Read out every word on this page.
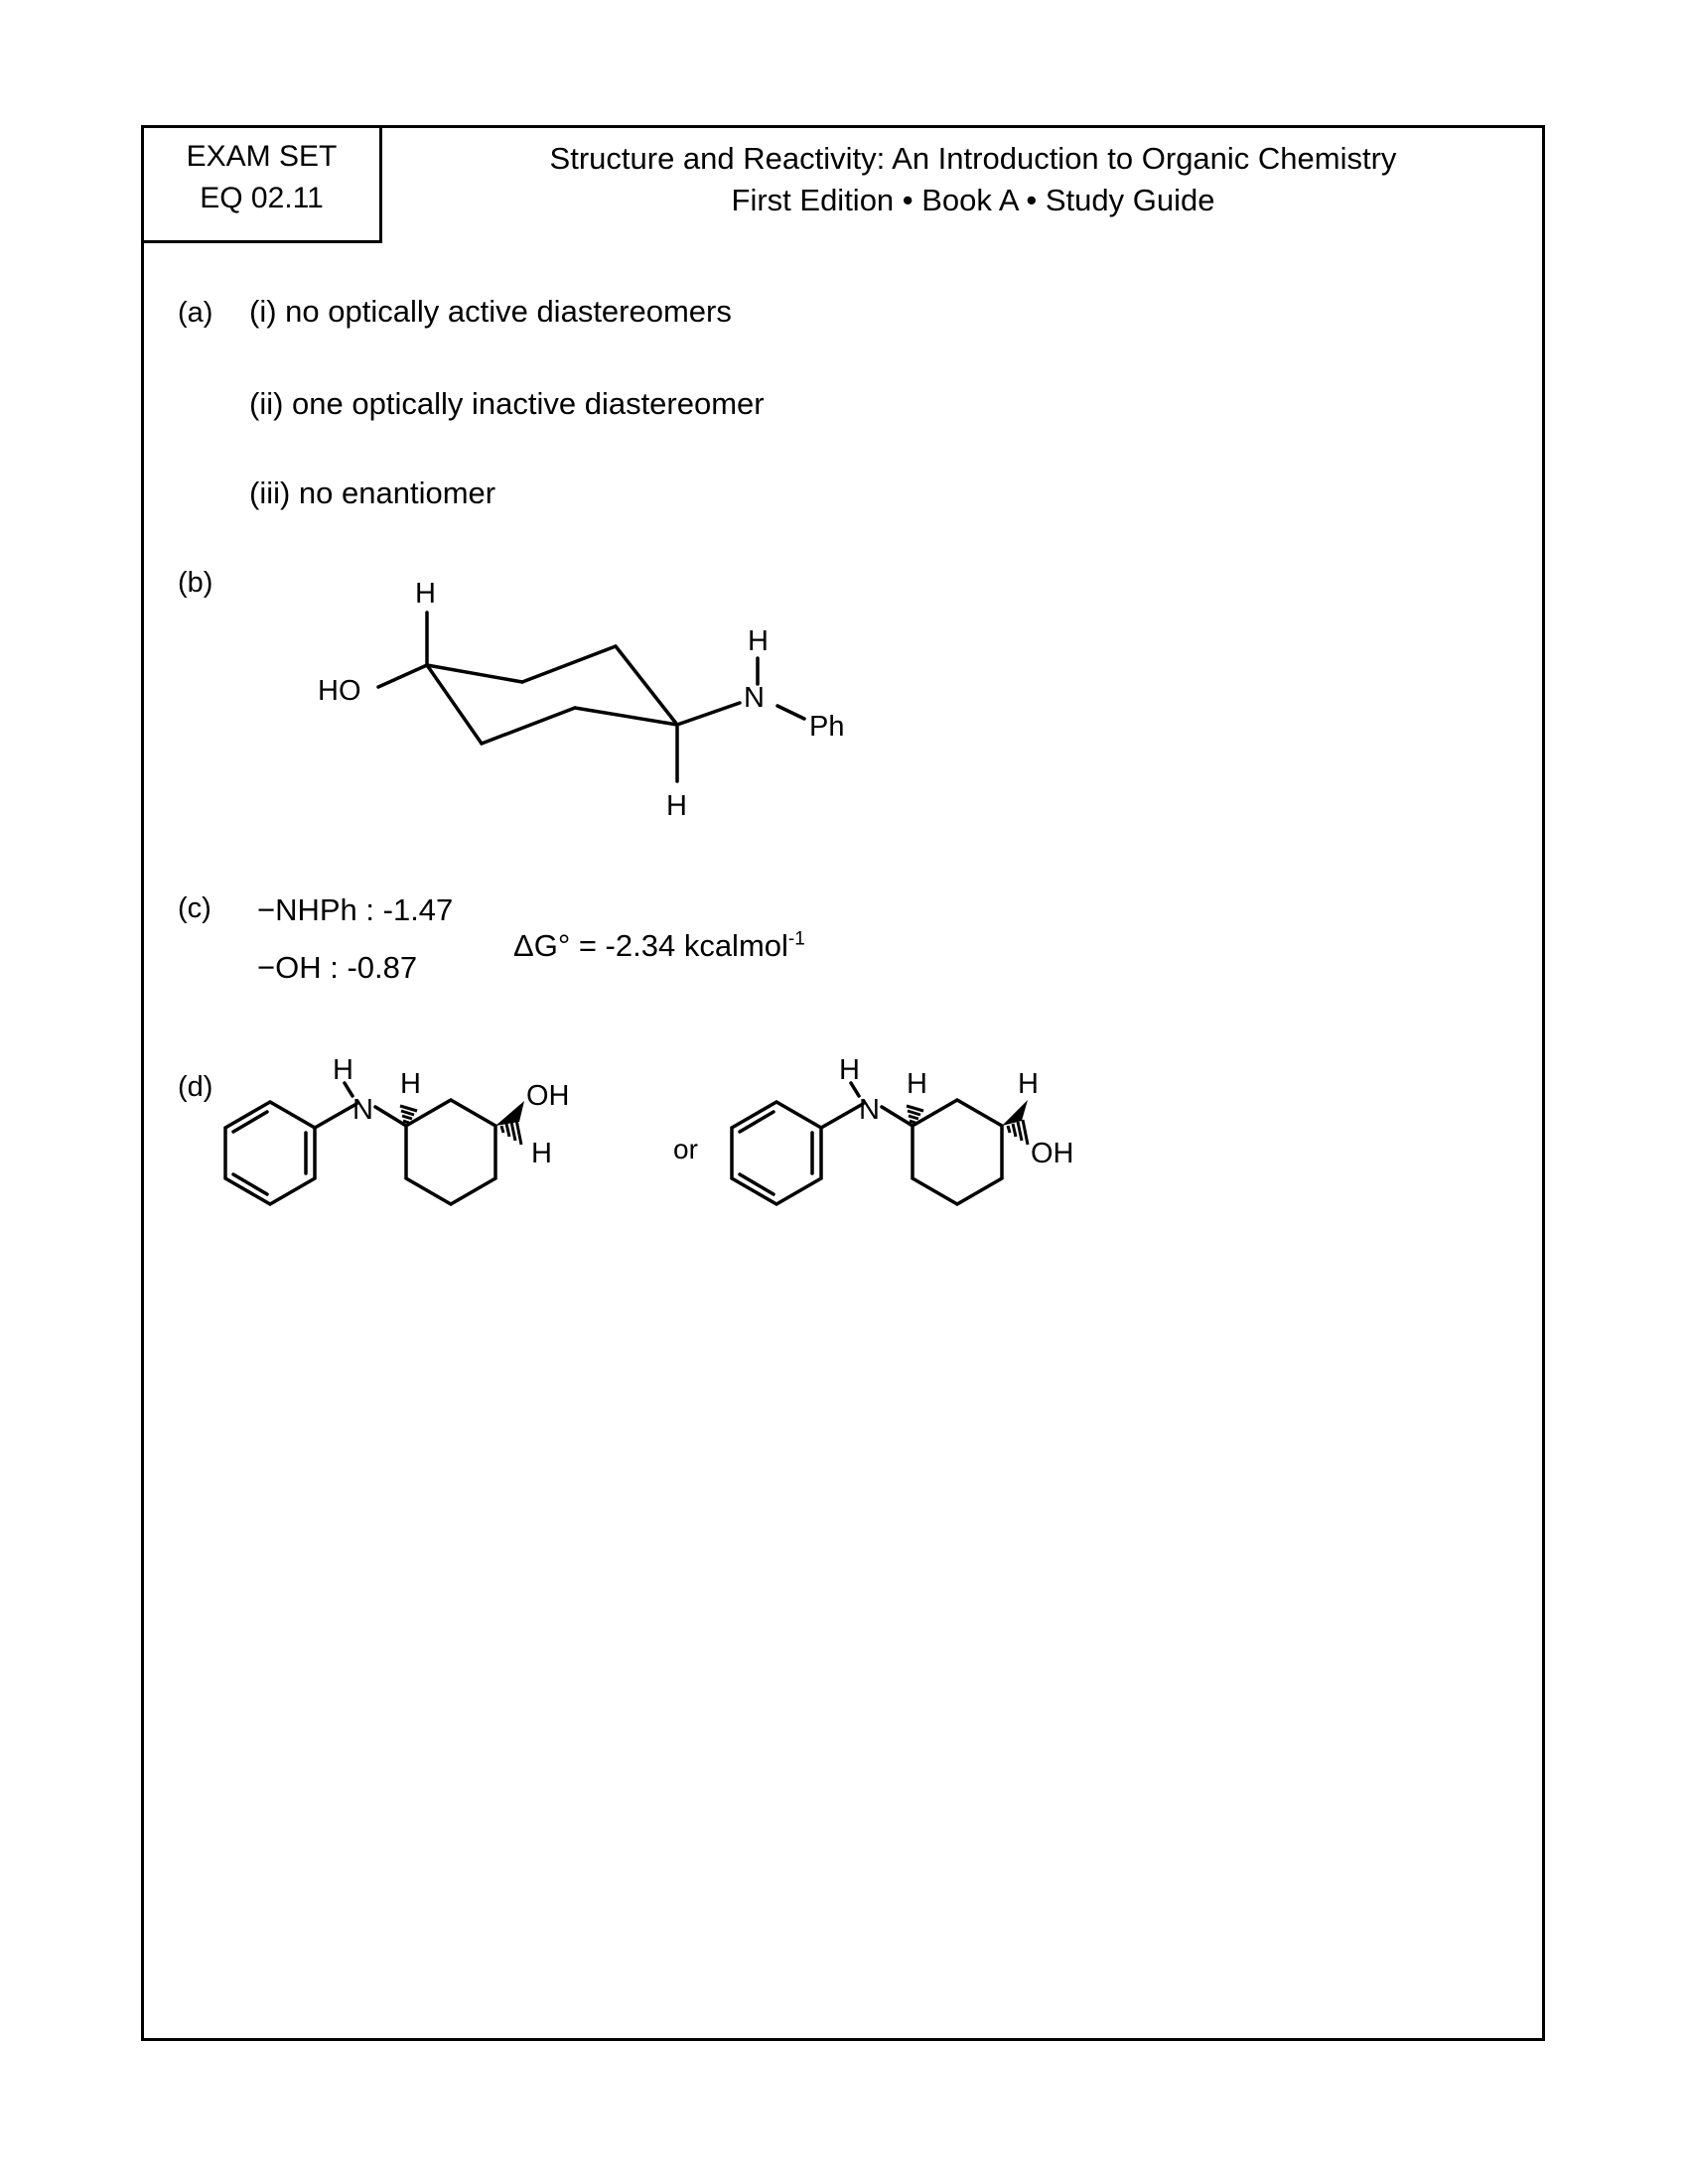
EXAM SET
EQ 02.11
Structure and Reactivity: An Introduction to Organic Chemistry
First Edition • Book A • Study Guide
(a) (i) no optically active diastereomers
(ii) one optically inactive diastereomer
(iii) no enantiomer
(b)	H
HO
H
H
N
Ph
(c) −NHPh : -1.47
−OH : -0.87
ΔG° = -2.34 kcalmol$^{-1}$
(d)	OH
H	or
H
OH
